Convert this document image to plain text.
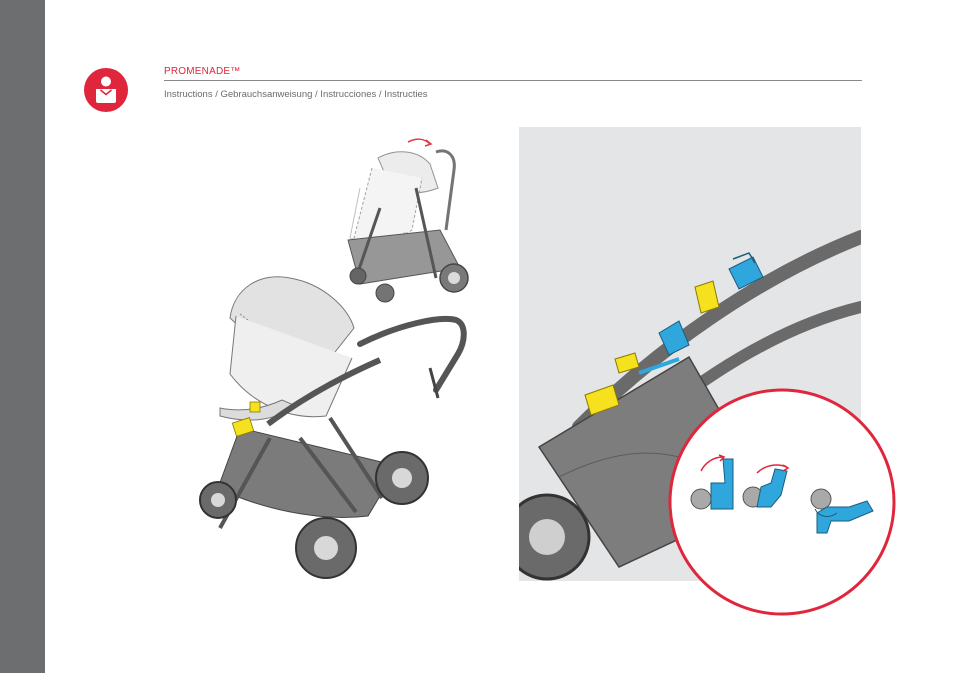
PROMENADE™
Instructions / Gebrauchsanweisung / Instrucciones / Instructies
